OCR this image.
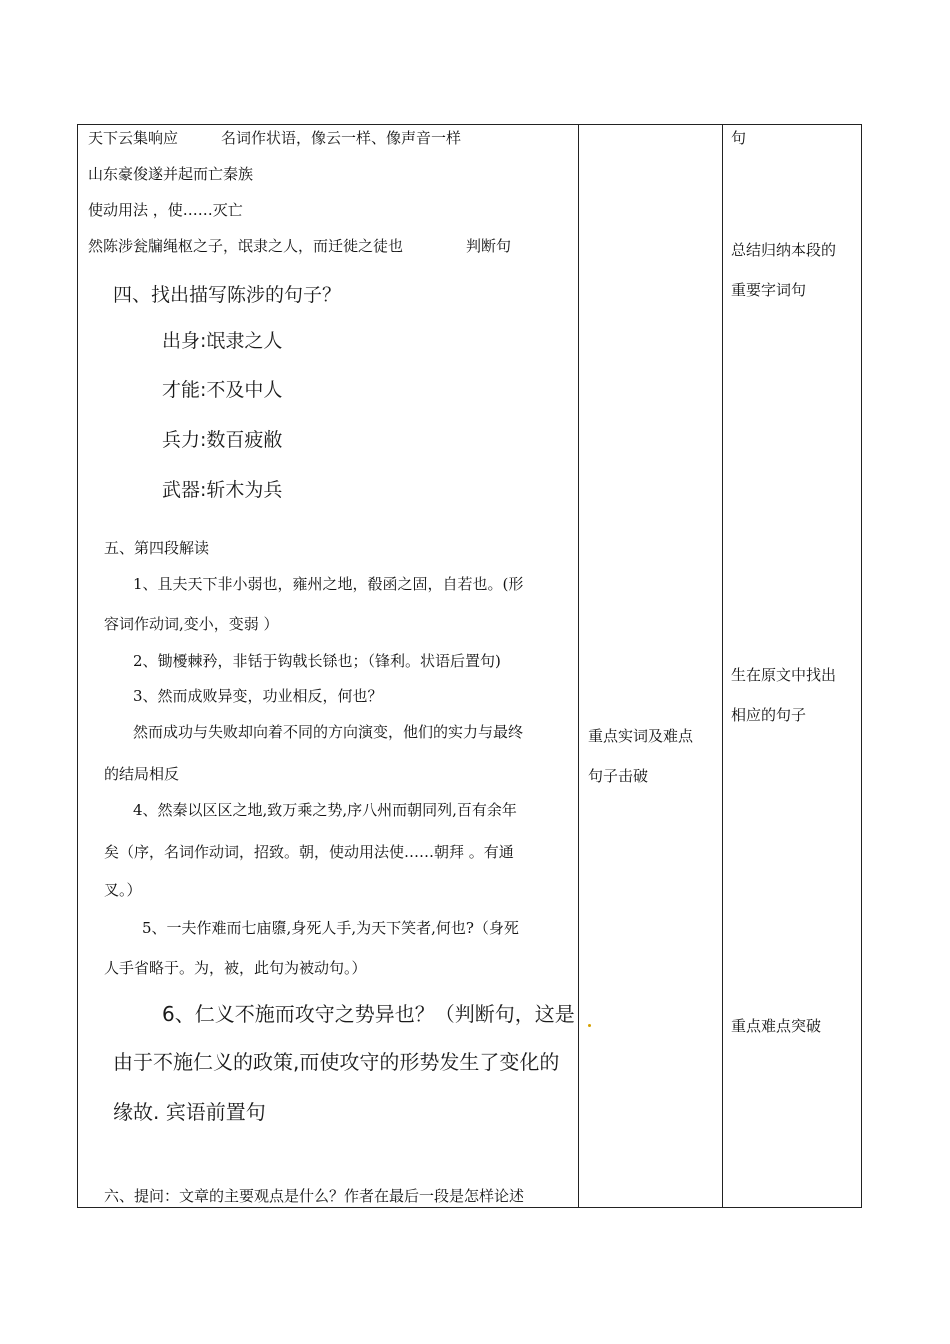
天下云集响应	名词作状语，像云一样、像声音一样
山东豪俊遂并起而亡秦族
使动用法 ，使……灭亡
然陈涉瓮牖绳枢之子，氓隶之人，而迁徙之徒也	判断句
四、找出描写陈涉的句子？
出身:氓隶之人
才能:不及中人
兵力:数百疲敝
武器:斩木为兵
五、第四段解读
1、且夫天下非小弱也，雍州之地，殽函之固，自若也。(形
容词作动词,变小，变弱 ）
2、锄櫌棘矜，非铦于钩戟长铩也；（锋利。状语后置句)
3、然而成败异变，功业相反，何也？
然而成功与失败却向着不同的方向演变，他们的实力与最终
的结局相反
4、然秦以区区之地,致万乘之势,序八州而朝同列,百有余年
矣（序，名词作动词，招致。朝，使动用法使……朝拜 。有通
叉。）
5、一夫作难而七庙隳,身死人手,为天下笑者,何也?（身死
人手省略于。为，被，此句为被动句。）
6、仁义不施而攻守之势异也？（判断句，这是
由于不施仁义的政策,而使攻守的形势发生了变化的
缘故. 宾语前置句
六、提问：文章的主要观点是什么？作者在最后一段是怎样论述
重点实词及难点
句子击破
句
总结归纳本段的
重要字词句
生在原文中找出
相应的句子
重点难点突破
